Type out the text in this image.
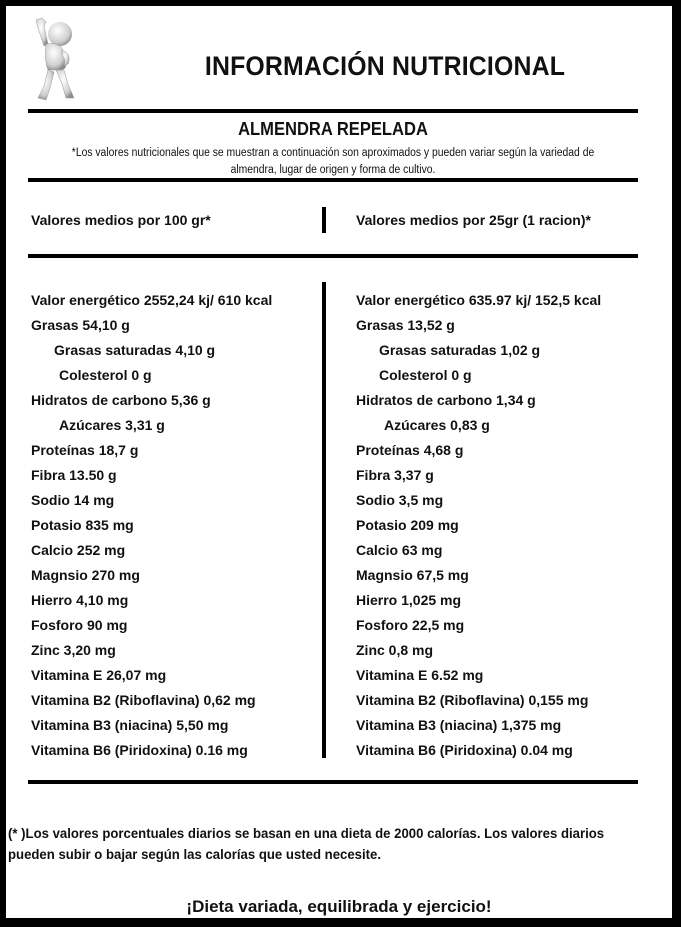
INFORMACIÓN NUTRICIONAL
ALMENDRA REPELADA
*Los valores nutricionales que se muestran a continuación son aproximados y pueden variar según la variedad de almendra, lugar de origen y forma de cultivo.
Valores medios por 100 gr*	Valores medios por 25gr (1 racion)*
Valor energético 2552,24 kj/ 610 kcal
Grasas 54,10 g
Grasas saturadas 4,10 g
Colesterol 0 g
Hidratos de carbono 5,36 g
Azúcares 3,31 g
Proteínas 18,7 g
Fibra 13.50 g
Sodio 14 mg
Potasio 835 mg
Calcio 252 mg
Magnsio 270 mg
Hierro 4,10 mg
Fosforo 90 mg
Zinc 3,20 mg
Vitamina E 26,07 mg
Vitamina B2 (Riboflavina) 0,62 mg
Vitamina B3 (niacina) 5,50 mg
Vitamina B6 (Piridoxina) 0.16 mg
Valor energético 635.97 kj/ 152,5 kcal
Grasas 13,52 g
Grasas saturadas 1,02 g
Colesterol 0 g
Hidratos de carbono 1,34 g
Azúcares 0,83 g
Proteínas 4,68 g
Fibra 3,37 g
Sodio 3,5 mg
Potasio 209 mg
Calcio 63 mg
Magnsio 67,5 mg
Hierro 1,025 mg
Fosforo 22,5 mg
Zinc 0,8 mg
Vitamina E 6.52 mg
Vitamina B2 (Riboflavina) 0,155 mg
Vitamina B3 (niacina) 1,375 mg
Vitamina B6 (Piridoxina) 0.04 mg
(* )Los valores porcentuales diarios se basan en una dieta de 2000 calorías. Los valores diarios pueden subir o bajar según las calorías que usted necesite.
¡Dieta variada, equilibrada y ejercicio!
